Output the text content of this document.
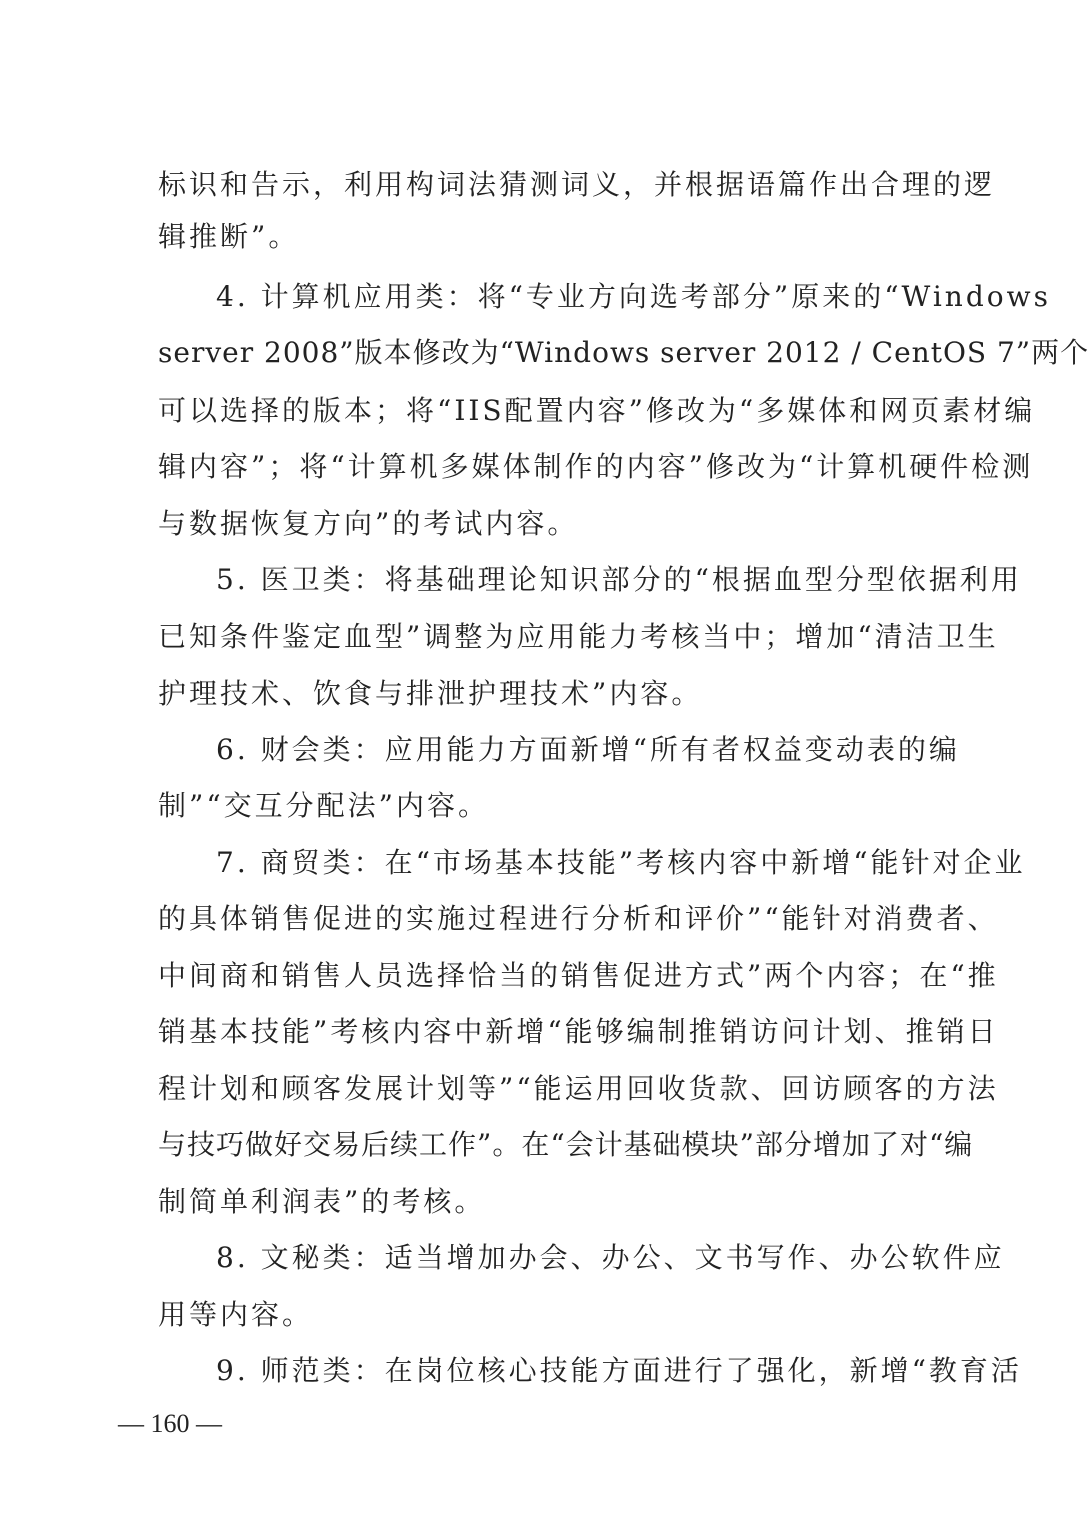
标识和告示，利用构词法猜测词义，并根据语篇作出合理的逻
辑推断”。
4. 计算机应用类：将“专业方向选考部分”原来的“Windows
server 2008”版本修改为“Windows server 2012 / CentOS 7”两个
可以选择的版本；将“IIS配置内容”修改为“多媒体和网页素材编
辑内容”；将“计算机多媒体制作的内容”修改为“计算机硬件检测
与数据恢复方向”的考试内容。
5. 医卫类：将基础理论知识部分的“根据血型分型依据利用
已知条件鉴定血型”调整为应用能力考核当中；增加“清洁卫生
护理技术、饮食与排泄护理技术”内容。
6. 财会类：应用能力方面新增“所有者权益变动表的编
制”“交互分配法”内容。
7. 商贸类：在“市场基本技能”考核内容中新增“能针对企业
的具体销售促进的实施过程进行分析和评价”“能针对消费者、
中间商和销售人员选择恰当的销售促进方式”两个内容；在“推
销基本技能”考核内容中新增“能够编制推销访问计划、推销日
程计划和顾客发展计划等”“能运用回收货款、回访顾客的方法
与技巧做好交易后续工作”。在“会计基础模块”部分增加了对“编
制简单利润表”的考核。
8. 文秘类：适当增加办会、办公、文书写作、办公软件应
用等内容。
9. 师范类：在岗位核心技能方面进行了强化，新增“教育活
— 160 —
